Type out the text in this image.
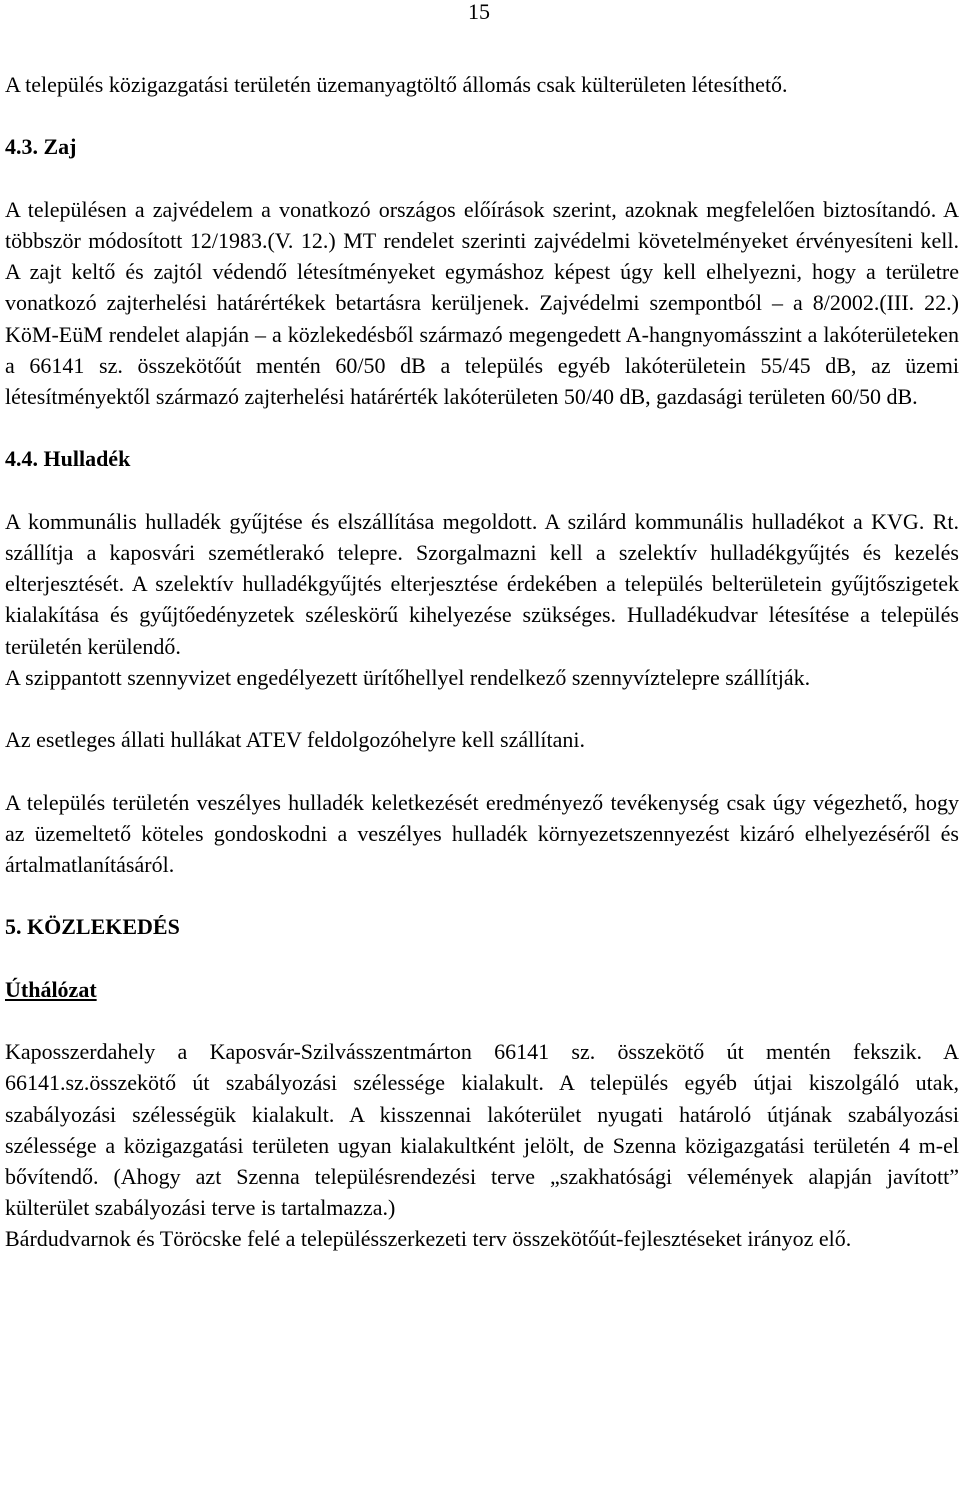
15

A település közigazgatási területén üzemanyagtöltő állomás csak külterületen létesíthető.

4.3. Zaj

A településen a zajvédelem a vonatkozó országos előírások szerint, azoknak megfelelően biztosítandó. A többször módosított 12/1983.(V. 12.) MT rendelet szerinti zajvédelmi követelményeket érvényesíteni kell. A zajt keltő és zajtól védendő létesítményeket egymáshoz képest úgy kell elhelyezni, hogy a területre vonatkozó zajterhelési határértékek betartásra kerüljenek. Zajvédelmi szempontból – a 8/2002.(III. 22.) KöM-EüM rendelet alapján – a közlekedésből származó megengedett A-hangnyomásszint a lakóterületeken a 66141 sz. összekötőút mentén 60/50 dB a település egyéb lakóterületein 55/45 dB, az üzemi létesítményektől származó zajterhelési határérték lakóterületen 50/40 dB, gazdasági területen 60/50 dB.

4.4. Hulladék

A kommunális hulladék gyűjtése és elszállítása megoldott. A szilárd kommunális hulladékot a KVG. Rt. szállítja a kaposvári szemétlerakó telepre. Szorgalmazni kell a szelektív hulladékgyűjtés és kezelés elterjesztését. A szelektív hulladékgyűjtés elterjesztése érdekében a település belterületein gyűjtőszigetek kialakítása és gyűjtőedényzetek széleskörű kihelyezése szükséges. Hulladékudvar létesítése a település területén kerülendő.

A szippantott szennyvizet engedélyezett ürítőhellyel rendelkező szennyvíztelepre szállítják.

Az esetleges állati hullákat ATEV feldolgozóhelyre kell szállítani.

A település területén veszélyes hulladék keletkezését eredményező tevékenység csak úgy végezhető, hogy az üzemeltető köteles gondoskodni a veszélyes hulladék környezetszennyezést kizáró elhelyezéséről és ártalmatlanításáról.

5. KÖZLEKEDÉS

Úthálózat

Kaposszerdahely a Kaposvár-Szilvásszentmárton 66141 sz. összekötő út mentén fekszik. A 66141.sz.összekötő út szabályozási szélessége kialakult. A település egyéb útjai kiszolgáló utak, szabályozási szélességük kialakult. A kisszennai lakóterület nyugati határoló útjának szabályozási szélessége a közigazgatási területen ugyan kialakultként jelölt, de Szenna közigazgatási területén 4 m-el bővítendő. (Ahogy azt Szenna településrendezési terve „szakhatósági vélemények alapján javított” külterület szabályozási terve is tartalmazza.)

Bárdudvarnok és Töröcske felé a településszerkezeti terv összekötőút-fejlesztéseket irányoz elő.
